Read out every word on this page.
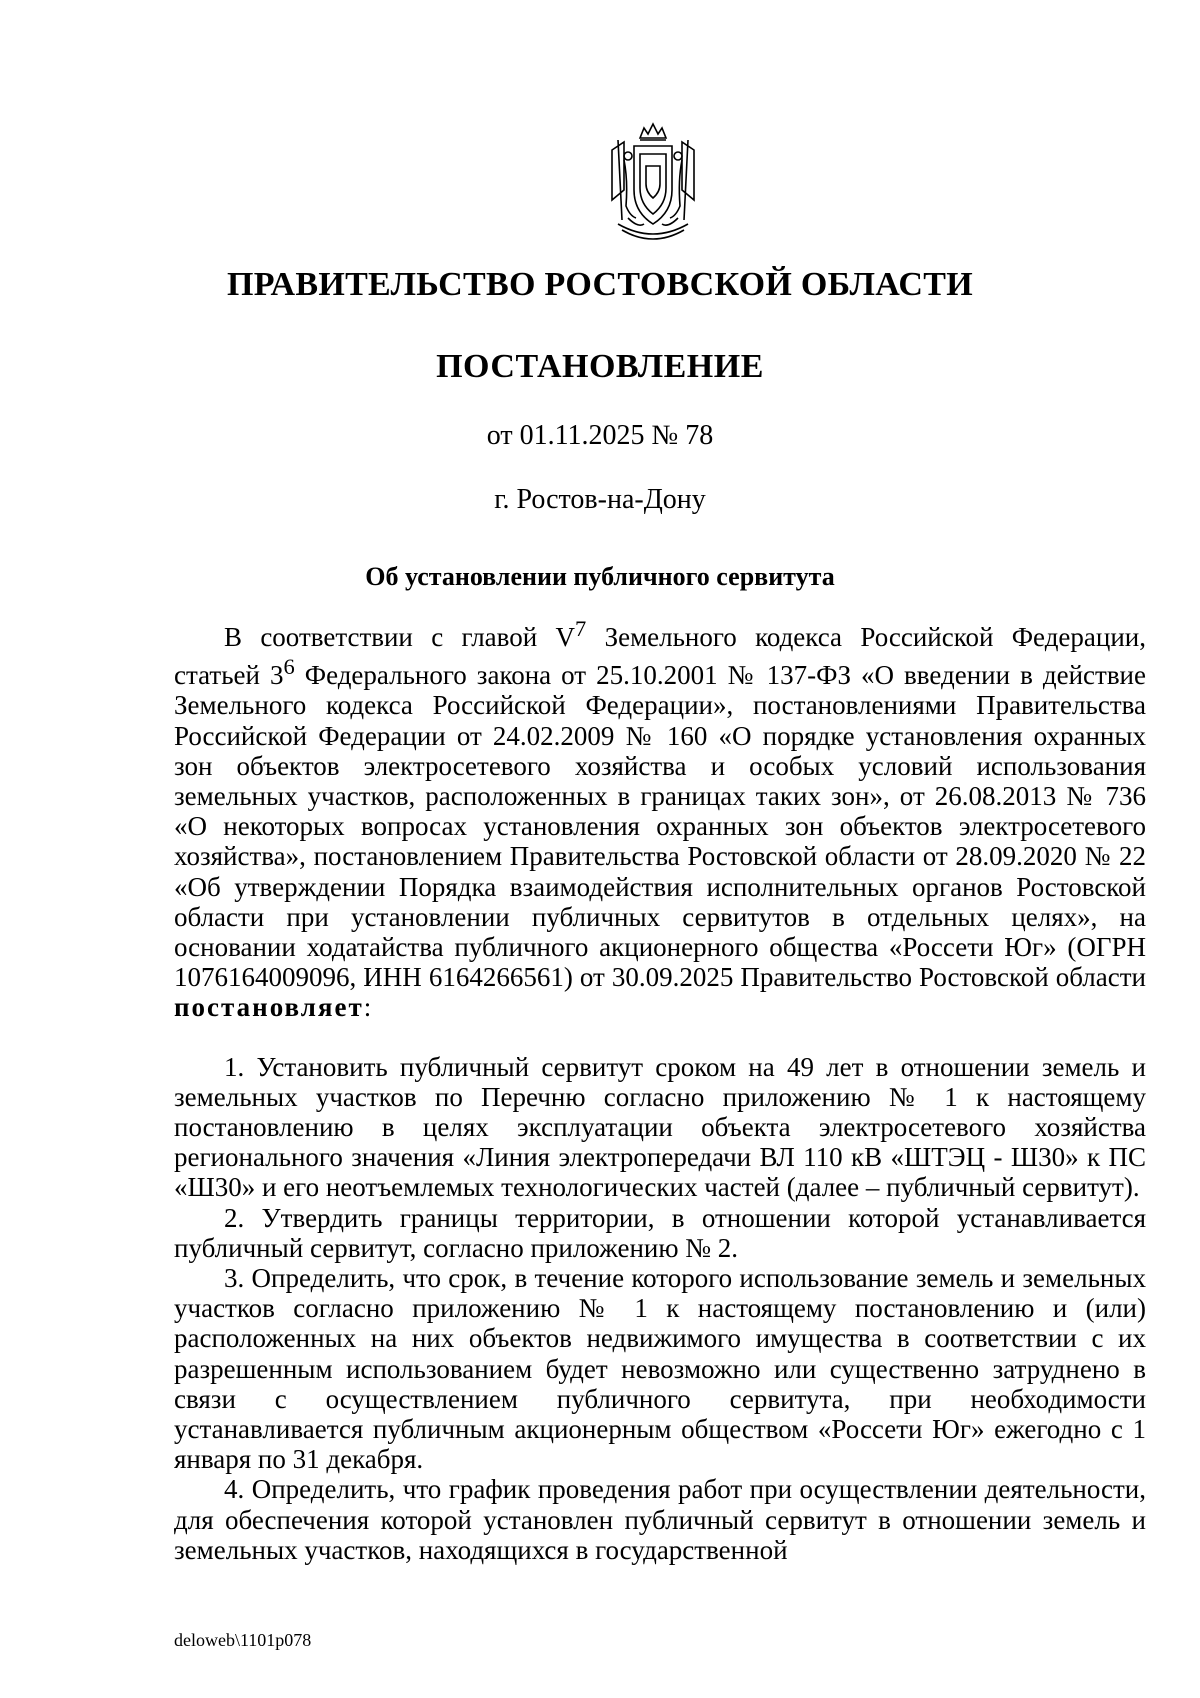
ПРАВИТЕЛЬСТВО РОСТОВСКОЙ ОБЛАСТИ
ПОСТАНОВЛЕНИЕ
от 01.11.2025 № 78
г. Ростов-на-Дону
Об установлении публичного сервитута

В соответствии с главой $V^7$ Земельного кодекса Российской Федерации, статьей $3^6$ Федерального закона от 25.10.2001 № 137-ФЗ «О введении в действие Земельного кодекса Российской Федерации», постановлениями Правительства Российской Федерации от 24.02.2009 № 160 «О порядке установления охранных зон объектов электросетевого хозяйства и особых условий использования земельных участков, расположенных в границах таких зон», от 26.08.2013 № 736 «О некоторых вопросах установления охранных зон объектов электросетевого хозяйства», постановлением Правительства Ростовской области от 28.09.2020 № 22 «Об утверждении Порядка взаимодействия исполнительных органов Ростовской области при установлении публичных сервитутов в отдельных целях», на основании ходатайства публичного акционерного общества «Россети Юг» (ОГРН 1076164009096, ИНН 6164266561) от 30.09.2025 Правительство Ростовской области постановляет:

1. Установить публичный сервитут сроком на 49 лет в отношении земель и земельных участков по Перечню согласно приложению № 1 к настоящему постановлению в целях эксплуатации объекта электросетевого хозяйства регионального значения «Линия электропередачи ВЛ 110 кВ «ШТЭЦ - Ш30» к ПС «Ш30» и его неотъемлемых технологических частей (далее – публичный сервитут).

2. Утвердить границы территории, в отношении которой устанавливается публичный сервитут, согласно приложению № 2.

3. Определить, что срок, в течение которого использование земель и земельных участков согласно приложению № 1 к настоящему постановлению и (или) расположенных на них объектов недвижимого имущества в соответствии с их разрешенным использованием будет невозможно или существенно затруднено в связи с осуществлением публичного сервитута, при необходимости устанавливается публичным акционерным обществом «Россети Юг» ежегодно с 1 января по 31 декабря.

4. Определить, что график проведения работ при осуществлении деятельности, для обеспечения которой установлен публичный сервитут в отношении земель и земельных участков, находящихся в государственной

deloweb\1101p078
